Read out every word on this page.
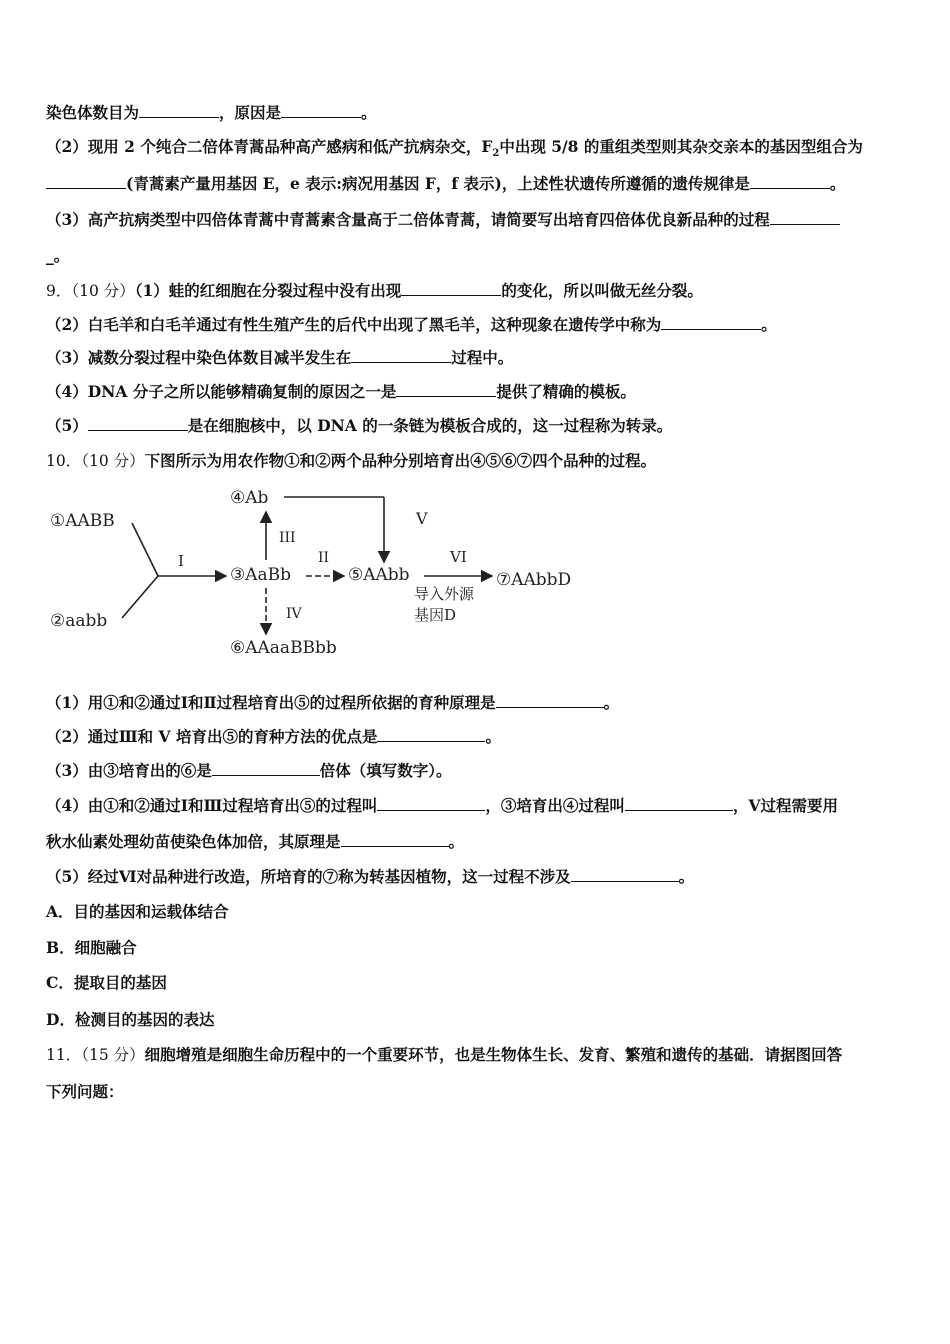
染色体数目为	，原因是	。
（2）现用 2 个纯合二倍体青蒿品种高产感病和低产抗病杂交，$F_2$中出现 5/8 的重组类型则其杂交亲本的基因型组合为
(青蒿素产量用基因 E，e 表示:病况用基因 F，f 表示)，上述性状遗传所遵循的遗传规律是	。
（3）高产抗病类型中四倍体青蒿中青蒿素含量高于二倍体青蒿，请简要写出培育四倍体优良新品种的过程
_。
9．（10 分）（1）蛙的红细胞在分裂过程中没有出现	的变化，所以叫做无丝分裂。
（2）白毛羊和白毛羊通过有性生殖产生的后代中出现了黑毛羊，这种现象在遗传学中称为	。
（3）减数分裂过程中染色体数目减半发生在	过程中。
（4）DNA 分子之所以能够精确复制的原因之一是	提供了精确的模板。
（5）	是在细胞核中，以 DNA 的一条链为模板合成的，这一过程称为转录。
10．（10 分）下图所示为用农作物①和②两个品种分别培育出④⑤⑥⑦四个品种的过程。
①AABB
②aabb
③AaBb
④Ab
⑤AAbb
⑥AAaaBBbb
⑦AAbbD
I
III
V
II	VI
导入外源
基因D
IV
（1）用①和②通过Ⅰ和Ⅱ过程培育出⑤的过程所依据的育种原理是	。
（2）通过Ⅲ和 V 培育出⑤的育种方法的优点是	。
（3）由③培育出的⑥是	倍体（填写数字）。
（4）由①和②通过Ⅰ和Ⅲ过程培育出⑤的过程叫	，③培育出④过程叫	，Ⅴ过程需要用
秋水仙素处理幼苗使染色体加倍，其原理是	。
（5）经过Ⅵ对品种进行改造，所培育的⑦称为转基因植物，这一过程不涉及	。
A．目的基因和运载体结合
B．细胞融合
C．提取目的基因
D．检测目的基因的表达
11．（15 分）细胞增殖是细胞生命历程中的一个重要环节，也是生物体生长、发育、繁殖和遗传的基础．请据图回答
下列问题：
